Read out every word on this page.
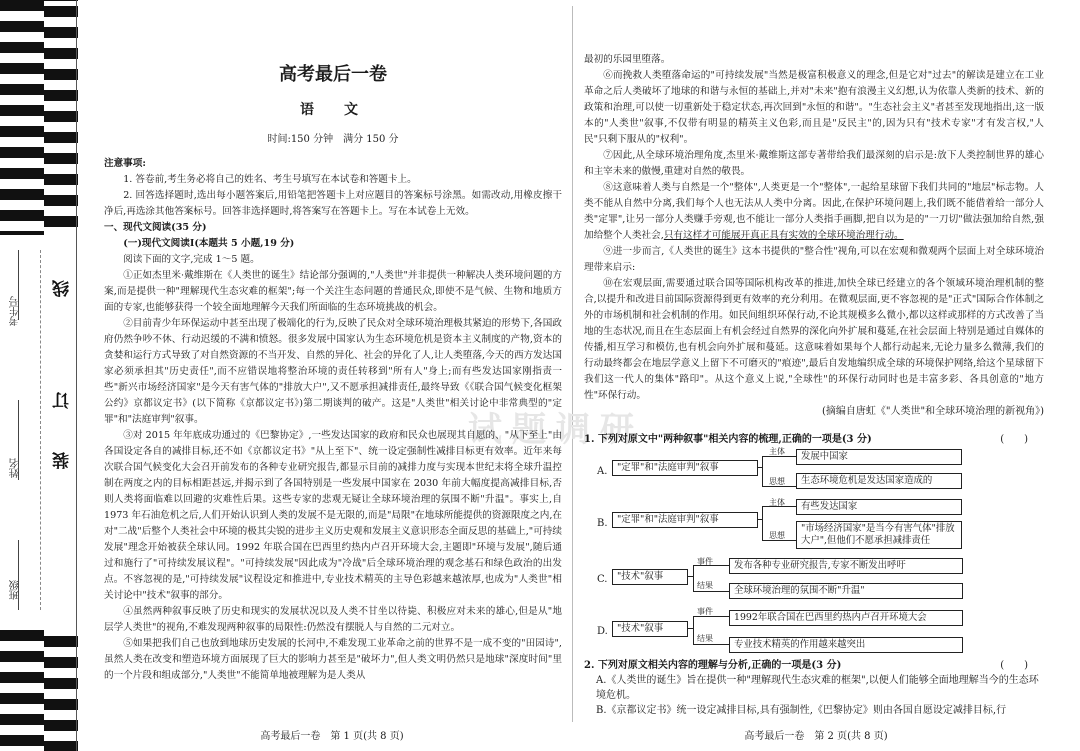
考生号
姓名
班级
线
订
装
试题调研
高考最后一卷
语　文
时间:150 分钟　满分 150 分
注意事项:

1. 答卷前,考生务必将自己的姓名、考生号填写在本试卷和答题卡上。

2. 回答选择题时,选出每小题答案后,用铅笔把答题卡上对应题目的答案标号涂黑。如需改动,用橡皮擦干净后,再选涂其他答案标号。回答非选择题时,将答案写在答题卡上。写在本试卷上无效。

一、现代文阅读(35 分)

(一)现代文阅读Ⅰ(本题共 5 小题,19 分)

阅读下面的文字,完成 1～5 题。

①正如杰里米·戴维斯在《人类世的诞生》结论部分强调的,"人类世"并非提供一种解决人类环境问题的方案,而是提供一种"理解现代生态灾难的框架";每一个关注生态问题的普通民众,即使不是气候、生物和地质方面的专家,也能够获得一个较全面地理解今天我们所面临的生态环境挑战的机会。

②目前青少年环保运动中甚至出现了极端化的行为,反映了民众对全球环境治理极其紧迫的形势下,各国政府仍然争吵不休、行动迟缓的不满和愤怒。很多发展中国家认为生态环境危机是资本主义制度的产物,资本的贪婪和运行方式导致了对自然资源的不当开发、自然的异化、社会的异化了人,让人类堕落,今天的西方发达国家必须承担其"历史责任",而不应错误地将整治环境的责任转移到"所有人"身上;而有些发达国家刚指责一些"新兴市场经济国家"是今天有害气体的"排放大户",又不愿承担减排责任,最终导致《《联合国气候变化框架公约》京都议定书》(以下简称《京都议定书》)第二期谈判的破产。这是"人类世"相关讨论中非常典型的"定罪"和"法庭审判"叙事。

③对 2015 年年底成功通过的《巴黎协定》,一些发达国家的政府和民众也展现其自愿的、"从下至上"由各国设定各自的减排目标,还不如《京都议定书》"从上至下"、统一设定强制性减排目标更有效率。近年来每次联合国气候变化大会召开前发布的各种专业研究报告,都显示目前的减排力度与实现本世纪末将全球升温控制在两度之内的目标相距甚远,并揭示到了各国特别是一些发展中国家在 2030 年前大幅度提高减排目标,否则人类将面临难以回避的灾难性后果。这些专家的悲观无疑让全球环境治理的氛围不断"升温"。事实上,自 1973 年石油危机之后,人们开始认识到人类的发展不是无限的,而是"局限"在地球所能提供的资源限度之内,在对"二战"后整个人类社会中环境的极其尖锐的进步主义历史观和发展主义意识形态全面反思的基础上,"可持续发展"理念开始被获全球认同。1992 年联合国在巴西里约热内卢召开环境大会,主题即"环境与发展",随后通过和施行了"可持续发展议程"。"可持续发展"因此成为"冷战"后全球环境治理的观念基石和绿色政治的出发点。不容忽视的是,"可持续发展"议程设定和推进中,专业技术精英的主导色彩越来越浓厚,也成为"人类世"相关讨论中"技术"叙事的部分。

④虽然两种叙事反映了历史和现实的发展状况以及人类不甘坐以待毙、积极应对未来的雄心,但是从"地层学人类世"的视角,不难发现两种叙事的局限性:仍然没有摆脱人与自然的二元对立。

⑤如果把我们自己也放到地球历史发展的长河中,不难发现工业革命之前的世界不是一成不变的"田园诗",虽然人类在改变和塑造环境方面展现了巨大的影响力甚至是"破坏力",但人类文明仍然只是地球"深度时间"里的一个片段和组成部分,"人类世"不能简单地被理解为是人类从

最初的乐园里堕落。

⑥而挽救人类堕落命运的"可持续发展"当然是极富积极意义的理念,但是它对"过去"的解读是建立在工业革命之后人类破坏了地球的和谐与永恒的基础上,并对"未来"抱有浪漫主义幻想,认为依靠人类新的技术、新的政策和治理,可以使一切重新处于稳定状态,再次回到"永恒的和谐"。"生态社会主义"者甚至发现地指出,这一版本的"人类世"叙事,不仅带有明显的精英主义色彩,而且是"反民主"的,因为只有"技术专家"才有发言权,"人民"只剩下服从的"权利"。

⑦因此,从全球环境治理角度,杰里米·戴维斯这部专著带给我们最深刻的启示是:放下人类控制世界的雄心和主宰未来的傲慢,重建对自然的敬畏。

⑧这意味着人类与自然是一个"整体",人类更是一个"整体",一起给星球留下我们共同的"地层"标志物。人类不能从自然中分离,我们每个人也无法从人类中分离。因此,在保护环境问题上,我们既不能借着给一部分人类"定罪",让另一部分人类赚手旁观,也不能让一部分人类指手画脚,把自以为是的"一刀切"做法强加给自然,强加给整个人类社会,只有这样才可能展开真正具有实效的全球环境治理行动。

⑨进一步而言,《人类世的诞生》这本书提供的"整合性"视角,可以在宏观和微观两个层面上对全球环境治理带来启示:

⑩在宏观层面,需要通过联合国等国际机构改革的推进,加快全球已经建立的各个领域环境治理机制的整合,以提升和改进目前国际资源得到更有效率的充分利用。在微观层面,更不容忽视的是"正式"国际合作体制之外的市场机制和社会机制的作用。如民间组织环保行动,不论其规模多么微小,都以这样或那样的方式改善了当地的生态状况,而且在生态层面上有机会经过自然界的深化向外扩展和蔓延,在社会层面上特别是通过自媒体的传播,相互学习和模仿,也有机会向外扩展和蔓延。这意味着如果每个人都行动起来,无论力量多么微薄,我们的行动最终都会在地层学意义上留下不可磨灭的"痕迹",最后自发地编织成全球的环境保护网络,给这个星球留下我们这一代人的集体"路印"。从这个意义上说,"全球性"的环保行动同时也是丰富多彩、各具创意的"地方性"环保行动。

(摘编自唐虹《"人类世"和全球环境治理的新视角》)
1. 下列对原文中"两种叙事"相关内容的梳理,正确的一项是(3 分)	(　　)
A.	"定罪"和"法庭审判"叙事
主体
思想
发展中国家
生态环境危机是发达国家造成的
B.	"定罪"和"法庭审判"叙事
主体
思想
有些发达国家
"市场经济国家"是当今有害气体"排放大户",但他们不愿承担减排责任
C.	"技术"叙事
事件
结果
发布各种专业研究报告,专家不断发出呼吁
全球环境治理的氛围不断"升温"
D. "技术"叙事
事件
结果
1992年联合国在巴西里约热内卢召开环境大会
专业技术精英的作用越来越突出
2. 下列对原文相关内容的理解与分析,正确的一项是(3 分)	(　　)
A.《人类世的诞生》旨在提供一种"理解现代生态灾难的框架",以便人们能够全面地理解当今的生态环境危机。
B.《京都议定书》统一设定减排目标,具有强制性,《巴黎协定》则由各国自愿设定减排目标,行
高考最后一卷　第 1 页(共 8 页)	高考最后一卷　第 2 页(共 8 页)
